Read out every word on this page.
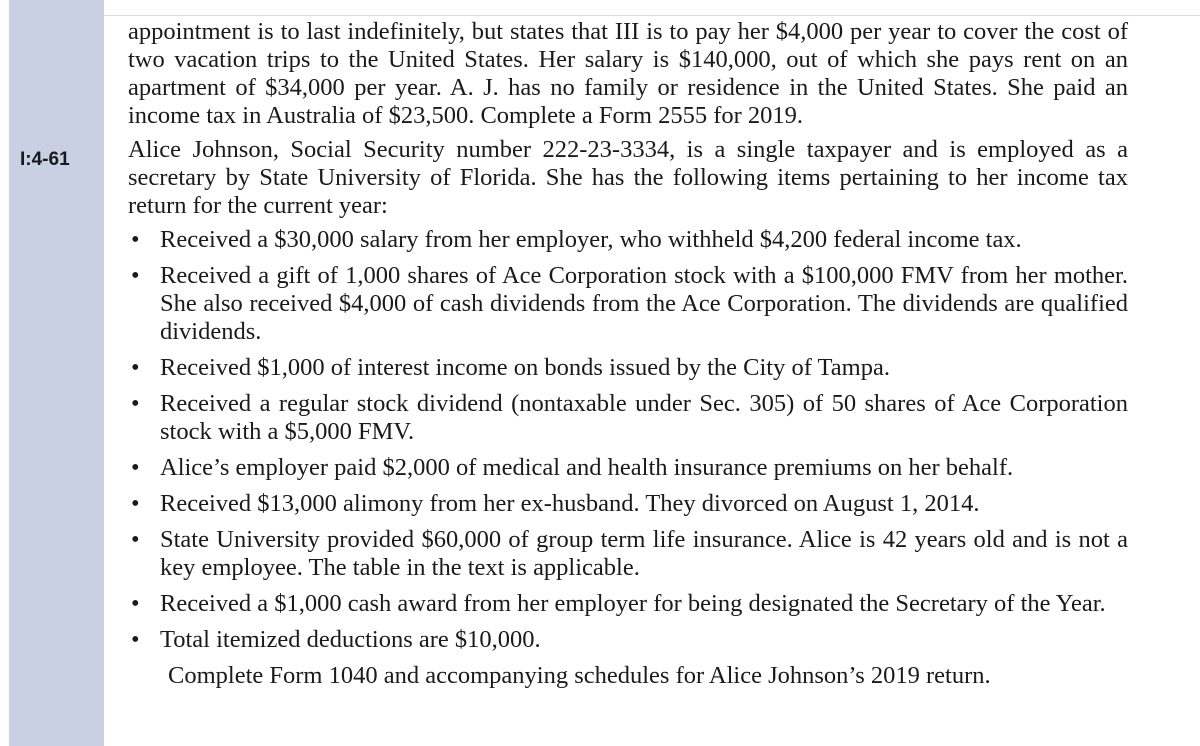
I:4-61

appointment is to last indefinitely, but states that III is to pay her $4,000 per year to cover the cost of two vacation trips to the United States. Her salary is $140,000, out of which she pays rent on an apartment of $34,000 per year. A. J. has no family or residence in the United States. She paid an income tax in Australia of $23,500. Complete a Form 2555 for 2019.

Alice Johnson, Social Security number 222-23-3334, is a single taxpayer and is employed as a secretary by State University of Florida. She has the following items pertaining to her income tax return for the current year:

• Received a $30,000 salary from her employer, who withheld $4,200 federal income tax.
• Received a gift of 1,000 shares of Ace Corporation stock with a $100,000 FMV from her mother. She also received $4,000 of cash dividends from the Ace Corporation. The dividends are qualified dividends.
• Received $1,000 of interest income on bonds issued by the City of Tampa.
• Received a regular stock dividend (nontaxable under Sec. 305) of 50 shares of Ace Corporation stock with a $5,000 FMV.
• Alice’s employer paid $2,000 of medical and health insurance premiums on her behalf.
• Received $13,000 alimony from her ex-husband. They divorced on August 1, 2014.
• State University provided $60,000 of group term life insurance. Alice is 42 years old and is not a key employee. The table in the text is applicable.
• Received a $1,000 cash award from her employer for being designated the Secretary of the Year.
• Total itemized deductions are $10,000.

Complete Form 1040 and accompanying schedules for Alice Johnson’s 2019 return.
